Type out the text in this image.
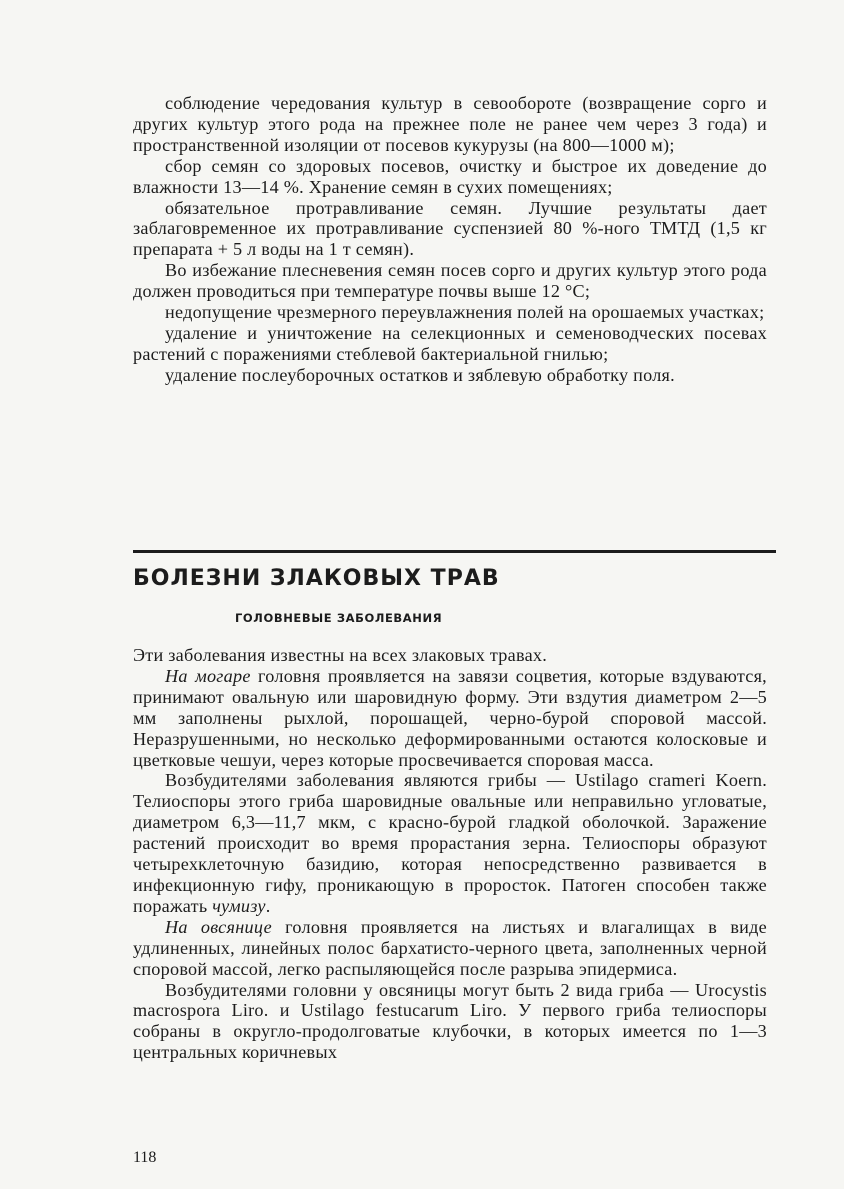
соблюдение чередования культур в севообороте (возвращение сорго и других культур этого рода на прежнее поле не ранее чем через 3 года) и пространственной изоляции от посевов кукурузы (на 800—1000 м);

сбор семян со здоровых посевов, очистку и быстрое их доведение до влажности 13—14 %. Хранение семян в сухих помещениях;

обязательное протравливание семян. Лучшие результаты дает заблаговременное их протравливание суспензией 80 %-ного ТМТД (1,5 кг препарата + 5 л воды на 1 т семян).

Во избежание плесневения семян посев сорго и других культур этого рода должен проводиться при температуре почвы выше 12 °С;

недопущение чрезмерного переувлажнения полей на орошаемых участках;

удаление и уничтожение на селекционных и семеноводческих посевах растений с поражениями стеблевой бактериальной гнилью;

удаление послеуборочных остатков и зяблевую обработку поля.

БОЛЕЗНИ ЗЛАКОВЫХ ТРАВ
ГОЛОВНЕВЫЕ ЗАБОЛЕВАНИЯ

Эти заболевания известны на всех злаковых травах.

На могаре головня проявляется на завязи соцветия, которые вздуваются, принимают овальную или шаровидную форму. Эти вздутия диаметром 2—5 мм заполнены рыхлой, порошащей, черно-бурой споровой массой. Неразрушенными, но несколько деформированными остаются колосковые и цветковые чешуи, через которые просвечивается споровая масса.

Возбудителями заболевания являются грибы — Ustilago crameri Koern. Телиоспоры этого гриба шаровидные овальные или неправильно угловатые, диаметром 6,3—11,7 мкм, с красно-бурой гладкой оболочкой. Заражение растений происходит во время прорастания зерна. Телиоспоры образуют четырехклеточную базидию, которая непосредственно развивается в инфекционную гифу, проникающую в проросток. Патоген способен также поражать чумизу.

На овсянице головня проявляется на листьях и влагалищах в виде удлиненных, линейных полос бархатисто-черного цвета, заполненных черной споровой массой, легко распыляющейся после разрыва эпидермиса.

Возбудителями головни у овсяницы могут быть 2 вида гриба — Urocystis macrospora Liro. и Ustilago festucarum Liro. У первого гриба телиоспоры собраны в округло-продолговатые клубочки, в которых имеется по 1—3 центральных коричневых

118
